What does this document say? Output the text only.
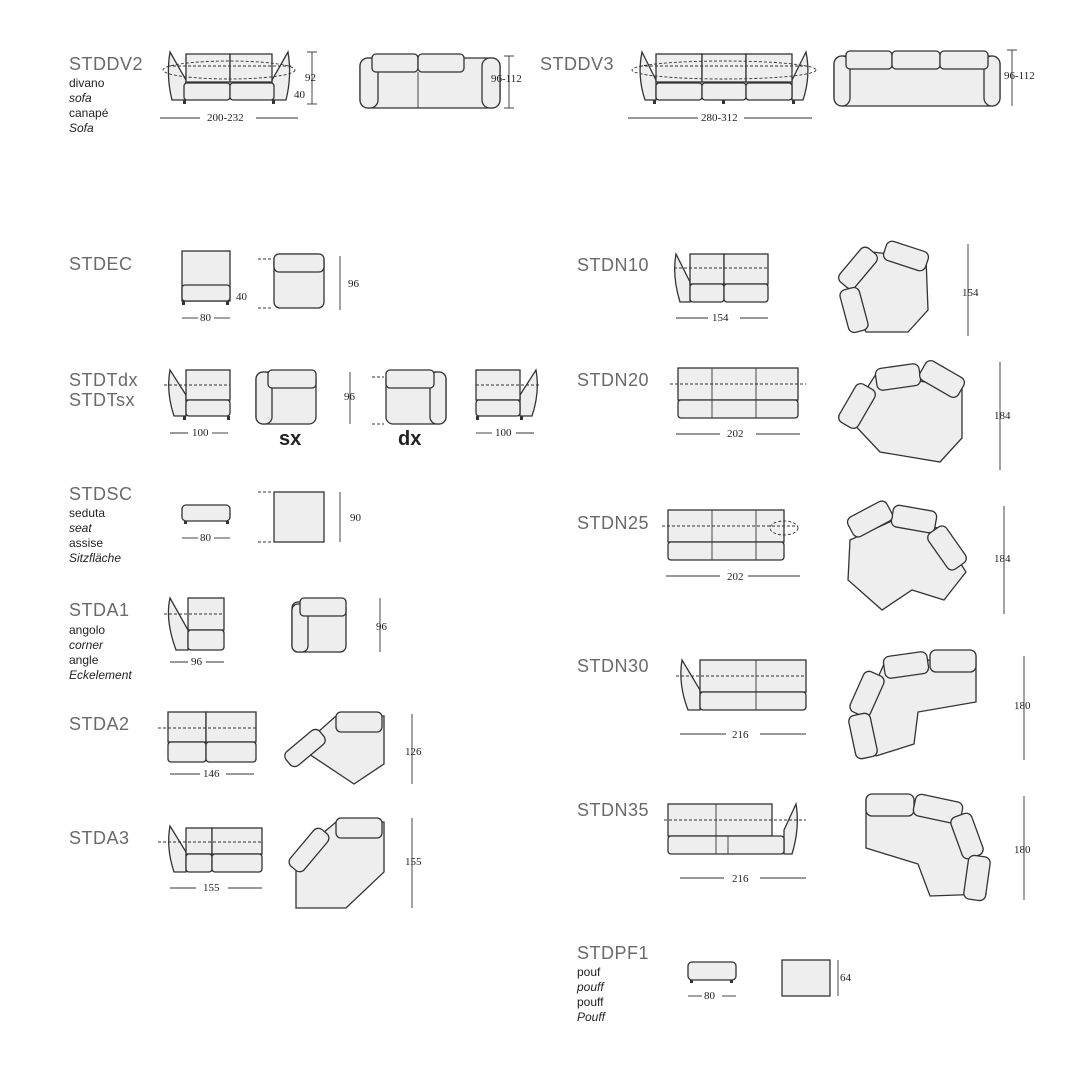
STDDV2
divano
sofa
canapé
Sofa
STDDV3
STDEC
STDTdx
STDTsx
sx	dx
STDSC
seduta
seat
assise
Sitzfläche
STDA1
angolo
corner
angle
Eckelement
STDA2
STDA3
STDN10
STDN20
STDN25
STDN30
STDN35
STDPF1
pouf
pouff
pouff
Pouff
200-232
92
40
96-112
280-312
96-112
80
40
96
100
96
100
80
90
96
96
146
126
155
155
154
154
202
184
202
184
216
180
216
180
80
64
